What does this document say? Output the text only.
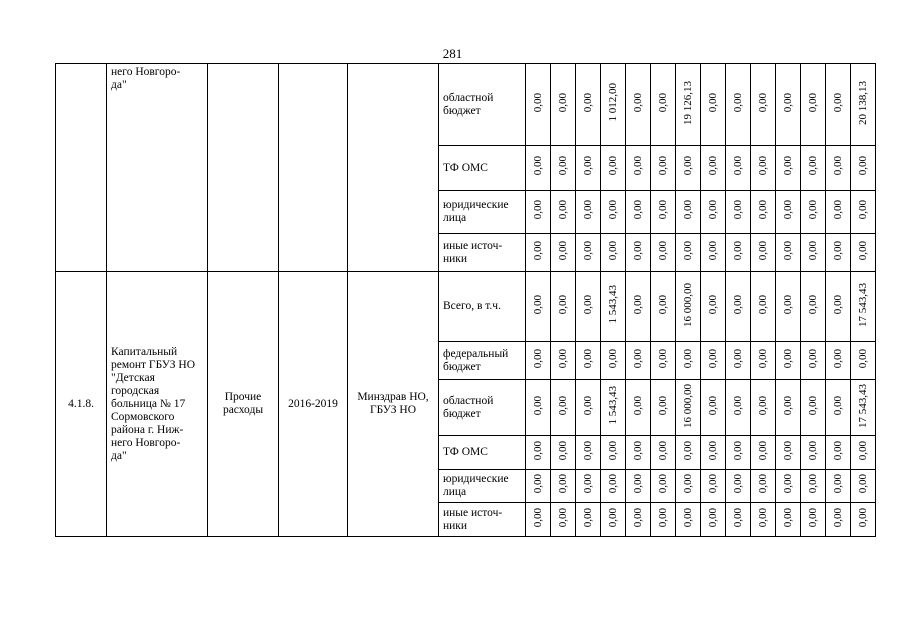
281
	него Новгоро-
да"				областной бюджет	0,00	0,00	0,00	1 012,00	0,00	0,00	19 126,13	0,00	0,00	0,00	0,00	0,00	0,00	20 138,13
					ТФ ОМС	0,00	0,00	0,00	0,00	0,00	0,00	0,00	0,00	0,00	0,00	0,00	0,00	0,00	0,00
					юридические лица	0,00	0,00	0,00	0,00	0,00	0,00	0,00	0,00	0,00	0,00	0,00	0,00	0,00	0,00
					иные источ-
ники	0,00	0,00	0,00	0,00	0,00	0,00	0,00	0,00	0,00	0,00	0,00	0,00	0,00	0,00
4.1.8.	Капитальный ремонт ГБУЗ НО "Детская городская больница № 17 Сормовского района г. Ниж-
него Новгоро-
да"	Прочие расходы	2016-2019	Минздрав НО, ГБУЗ НО	Всего, в т.ч.	0,00	0,00	0,00	1 543,43	0,00	0,00	16 000,00	0,00	0,00	0,00	0,00	0,00	0,00	17 543,43
					федеральный бюджет	0,00	0,00	0,00	0,00	0,00	0,00	0,00	0,00	0,00	0,00	0,00	0,00	0,00	0,00
					областной бюджет	0,00	0,00	0,00	1 543,43	0,00	0,00	16 000,00	0,00	0,00	0,00	0,00	0,00	0,00	17 543,43
					ТФ ОМС	0,00	0,00	0,00	0,00	0,00	0,00	0,00	0,00	0,00	0,00	0,00	0,00	0,00	0,00
					юридические лица	0,00	0,00	0,00	0,00	0,00	0,00	0,00	0,00	0,00	0,00	0,00	0,00	0,00	0,00
					иные источ-
ники	0,00	0,00	0,00	0,00	0,00	0,00	0,00	0,00	0,00	0,00	0,00	0,00	0,00	0,00
